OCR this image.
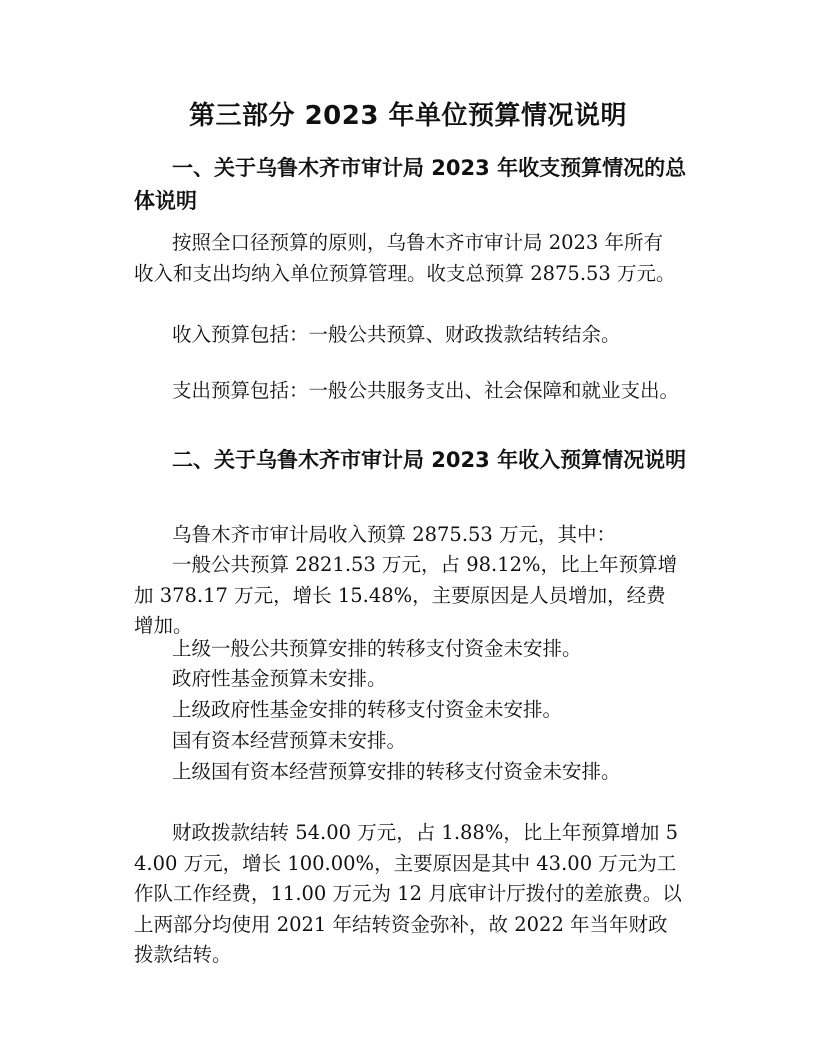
第三部分 2023 年单位预算情况说明

一、关于乌鲁木齐市审计局 2023 年收支预算情况的总体说明

按照全口径预算的原则，乌鲁木齐市审计局 2023 年所有收入和支出均纳入单位预算管理。收支总预算 2875.53 万元。

收入预算包括：一般公共预算、财政拨款结转结余。

支出预算包括：一般公共服务支出、社会保障和就业支出。

二、关于乌鲁木齐市审计局 2023 年收入预算情况说明

乌鲁木齐市审计局收入预算 2875.53 万元，其中：

一般公共预算 2821.53 万元，占 98.12%，比上年预算增加 378.17 万元，增长 15.48%，主要原因是人员增加，经费增加。

上级一般公共预算安排的转移支付资金未安排。

政府性基金预算未安排。

上级政府性基金安排的转移支付资金未安排。

国有资本经营预算未安排。

上级国有资本经营预算安排的转移支付资金未安排。

财政拨款结转 54.00 万元，占 1.88%，比上年预算增加 54.00 万元，增长 100.00%，主要原因是其中 43.00 万元为工作队工作经费，11.00 万元为 12 月底审计厅拨付的差旅费。以上两部分均使用 2021 年结转资金弥补，故 2022 年当年财政拨款结转。
